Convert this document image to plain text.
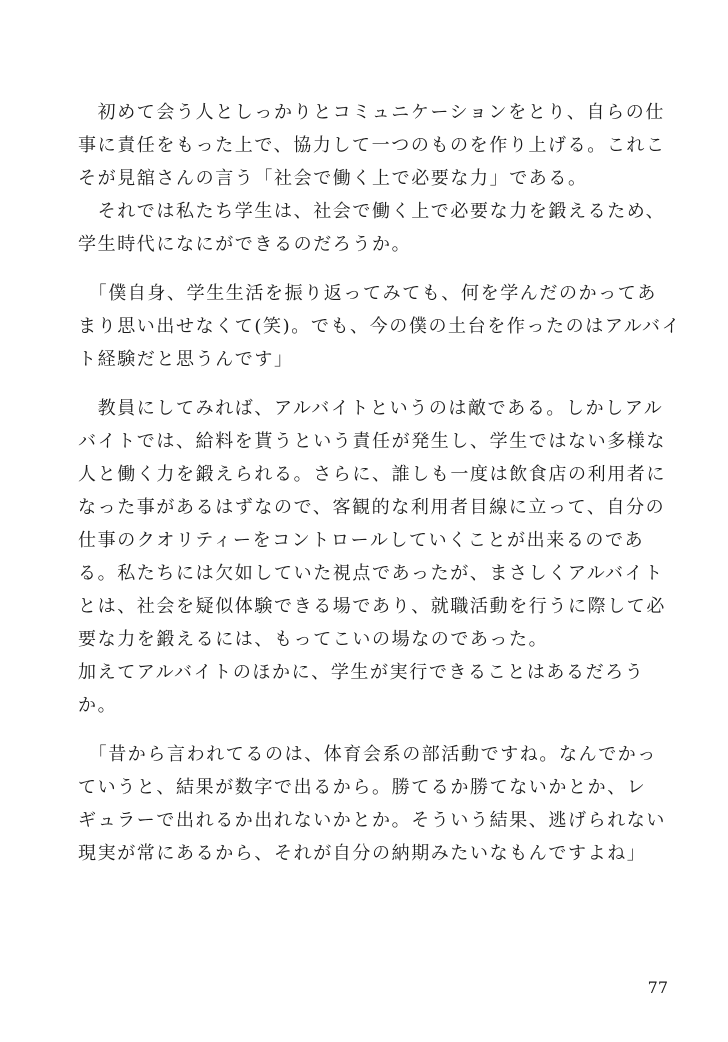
　初めて会う人としっかりとコミュニケーションをとり、自らの仕
事に責任をもった上で、協力して一つのものを作り上げる。これこ
そが見舘さんの言う「社会で働く上で必要な力」である。
　それでは私たち学生は、社会で働く上で必要な力を鍛えるため、
学生時代になにができるのだろうか。
　「僕自身、学生生活を振り返ってみても、何を学んだのかってあ
まり思い出せなくて(笑)。でも、今の僕の土台を作ったのはアルバイ
ト経験だと思うんです」
　教員にしてみれば、アルバイトというのは敵である。しかしアル
バイトでは、給料を貰うという責任が発生し、学生ではない多様な
人と働く力を鍛えられる。さらに、誰しも一度は飲食店の利用者に
なった事があるはずなので、客観的な利用者目線に立って、自分の
仕事のクオリティーをコントロールしていくことが出来るのであ
る。私たちには欠如していた視点であったが、まさしくアルバイト
とは、社会を疑似体験できる場であり、就職活動を行うに際して必
要な力を鍛えるには、もってこいの場なのであった。
加えてアルバイトのほかに、学生が実行できることはあるだろう
か。
　「昔から言われてるのは、体育会系の部活動ですね。なんでかっ
ていうと、結果が数字で出るから。勝てるか勝てないかとか、レ
ギュラーで出れるか出れないかとか。そういう結果、逃げられない
現実が常にあるから、それが自分の納期みたいなもんですよね」
77
